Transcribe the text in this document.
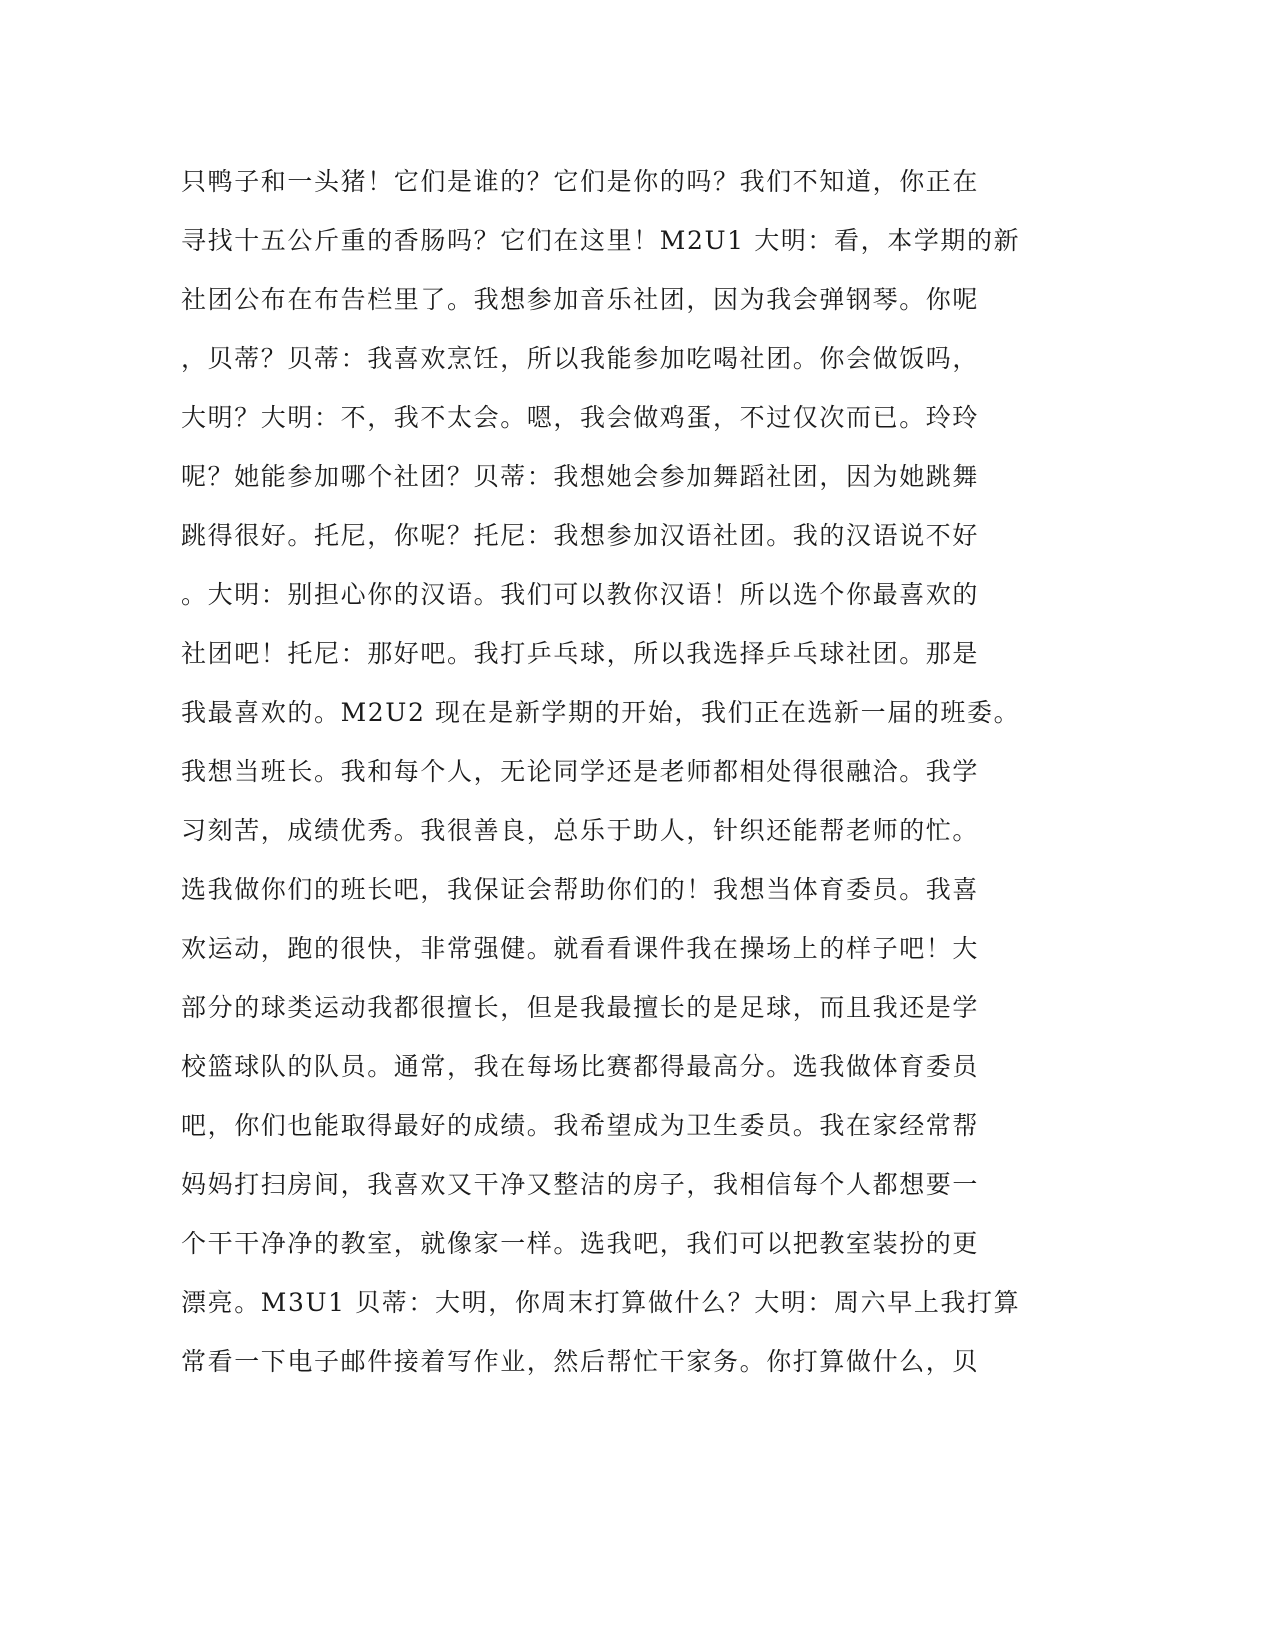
只鸭子和一头猪！它们是谁的？它们是你的吗？我们不知道，你正在
寻找十五公斤重的香肠吗？它们在这里！M2U1 大明：看，本学期的新
社团公布在布告栏里了。我想参加音乐社团，因为我会弹钢琴。你呢
，贝蒂？贝蒂：我喜欢烹饪，所以我能参加吃喝社团。你会做饭吗，
大明？大明：不，我不太会。嗯，我会做鸡蛋，不过仅次而已。玲玲
呢？她能参加哪个社团？贝蒂：我想她会参加舞蹈社团，因为她跳舞
跳得很好。托尼，你呢？托尼：我想参加汉语社团。我的汉语说不好
。大明：别担心你的汉语。我们可以教你汉语！所以选个你最喜欢的
社团吧！托尼：那好吧。我打乒乓球，所以我选择乒乓球社团。那是
我最喜欢的。M2U2 现在是新学期的开始，我们正在选新一届的班委。
我想当班长。我和每个人，无论同学还是老师都相处得很融洽。我学
习刻苦，成绩优秀。我很善良，总乐于助人，针织还能帮老师的忙。
选我做你们的班长吧，我保证会帮助你们的！我想当体育委员。我喜
欢运动，跑的很快，非常强健。就看看课件我在操场上的样子吧！大
部分的球类运动我都很擅长，但是我最擅长的是足球，而且我还是学
校篮球队的队员。通常，我在每场比赛都得最高分。选我做体育委员
吧，你们也能取得最好的成绩。我希望成为卫生委员。我在家经常帮
妈妈打扫房间，我喜欢又干净又整洁的房子，我相信每个人都想要一
个干干净净的教室，就像家一样。选我吧，我们可以把教室装扮的更
漂亮。M3U1 贝蒂：大明，你周末打算做什么？大明：周六早上我打算
常看一下电子邮件接着写作业，然后帮忙干家务。你打算做什么，贝
